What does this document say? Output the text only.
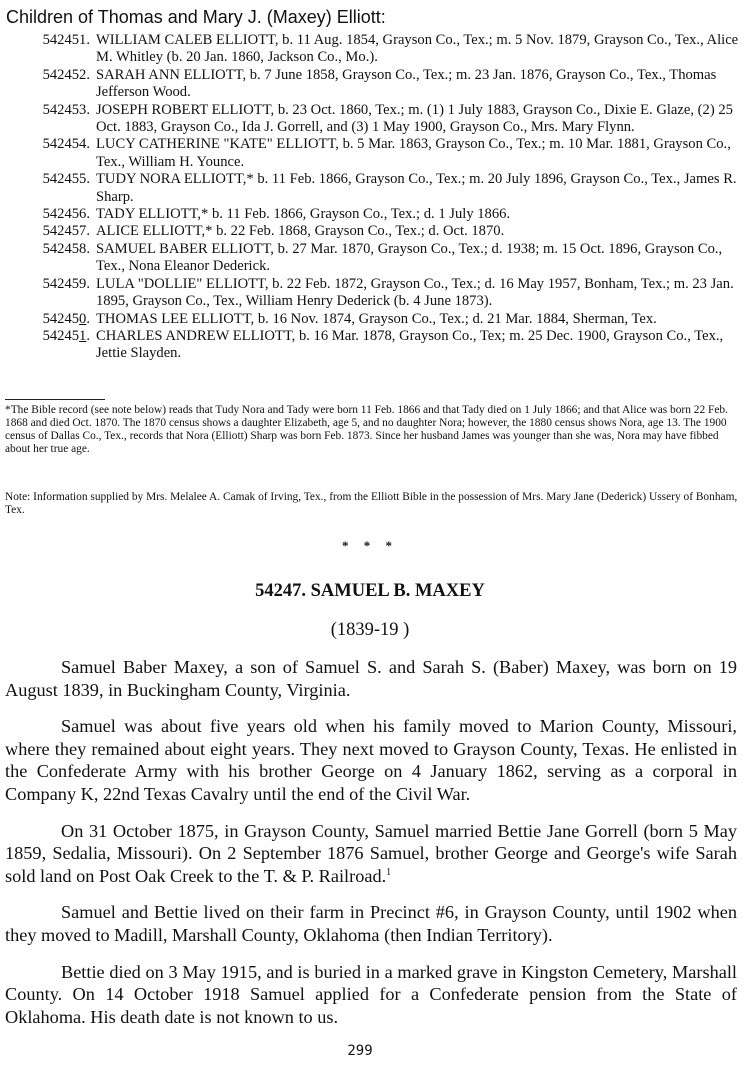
Children of Thomas and Mary J. (Maxey) Elliott:
542451. WILLIAM CALEB ELLIOTT, b. 11 Aug. 1854, Grayson Co., Tex.; m. 5 Nov. 1879, Grayson Co., Tex., Alice M. Whitley (b. 20 Jan. 1860, Jackson Co., Mo.).
542452. SARAH ANN ELLIOTT, b. 7 June 1858, Grayson Co., Tex.; m. 23 Jan. 1876, Grayson Co., Tex., Thomas Jefferson Wood.
542453. JOSEPH ROBERT ELLIOTT, b. 23 Oct. 1860, Tex.; m. (1) 1 July 1883, Grayson Co., Dixie E. Glaze, (2) 25 Oct. 1883, Grayson Co., Ida J. Gorrell, and (3) 1 May 1900, Grayson Co., Mrs. Mary Flynn.
542454. LUCY CATHERINE "KATE" ELLIOTT, b. 5 Mar. 1863, Grayson Co., Tex.; m. 10 Mar. 1881, Grayson Co., Tex., William H. Younce.
542455. TUDY NORA ELLIOTT,* b. 11 Feb. 1866, Grayson Co., Tex.; m. 20 July 1896, Grayson Co., Tex., James R. Sharp.
542456. TADY ELLIOTT,* b. 11 Feb. 1866, Grayson Co., Tex.; d. 1 July 1866.
542457. ALICE ELLIOTT,* b. 22 Feb. 1868, Grayson Co., Tex.; d. Oct. 1870.
542458. SAMUEL BABER ELLIOTT, b. 27 Mar. 1870, Grayson Co., Tex.; d. 1938; m. 15 Oct. 1896, Grayson Co., Tex., Nona Eleanor Dederick.
542459. LULA "DOLLIE" ELLIOTT, b. 22 Feb. 1872, Grayson Co., Tex.; d. 16 May 1957, Bonham, Tex.; m. 23 Jan. 1895, Grayson Co., Tex., William Henry Dederick (b. 4 June 1873).
542450. THOMAS LEE ELLIOTT, b. 16 Nov. 1874, Grayson Co., Tex.; d. 21 Mar. 1884, Sherman, Tex.
542451. CHARLES ANDREW ELLIOTT, b. 16 Mar. 1878, Grayson Co., Tex; m. 25 Dec. 1900, Grayson Co., Tex., Jettie Slayden.
*The Bible record (see note below) reads that Tudy Nora and Tady were born 11 Feb. 1866 and that Tady died on 1 July 1866; and that Alice was born 22 Feb. 1868 and died Oct. 1870. The 1870 census shows a daughter Elizabeth, age 5, and no daughter Nora; however, the 1880 census shows Nora, age 13. The 1900 census of Dallas Co., Tex., records that Nora (Elliott) Sharp was born Feb. 1873. Since her husband James was younger than she was, Nora may have fibbed about her true age.
Note: Information supplied by Mrs. Melalee A. Camak of Irving, Tex., from the Elliott Bible in the possession of Mrs. Mary Jane (Dederick) Ussery of Bonham, Tex.
* * *
54247. SAMUEL B. MAXEY
(1839-19 )

Samuel Baber Maxey, a son of Samuel S. and Sarah S. (Baber) Maxey, was born on 19 August 1839, in Buckingham County, Virginia.

Samuel was about five years old when his family moved to Marion County, Missouri, where they remained about eight years. They next moved to Grayson County, Texas. He enlisted in the Confederate Army with his brother George on 4 January 1862, serving as a corporal in Company K, 22nd Texas Cavalry until the end of the Civil War.

On 31 October 1875, in Grayson County, Samuel married Bettie Jane Gorrell (born 5 May 1859, Sedalia, Missouri). On 2 September 1876 Samuel, brother George and George's wife Sarah sold land on Post Oak Creek to the T. & P. Railroad.$^1$

Samuel and Bettie lived on their farm in Precinct #6, in Grayson County, until 1902 when they moved to Madill, Marshall County, Oklahoma (then Indian Territory).

Bettie died on 3 May 1915, and is buried in a marked grave in Kingston Cemetery, Marshall County. On 14 October 1918 Samuel applied for a Confederate pension from the State of Oklahoma. His death date is not known to us.

299
